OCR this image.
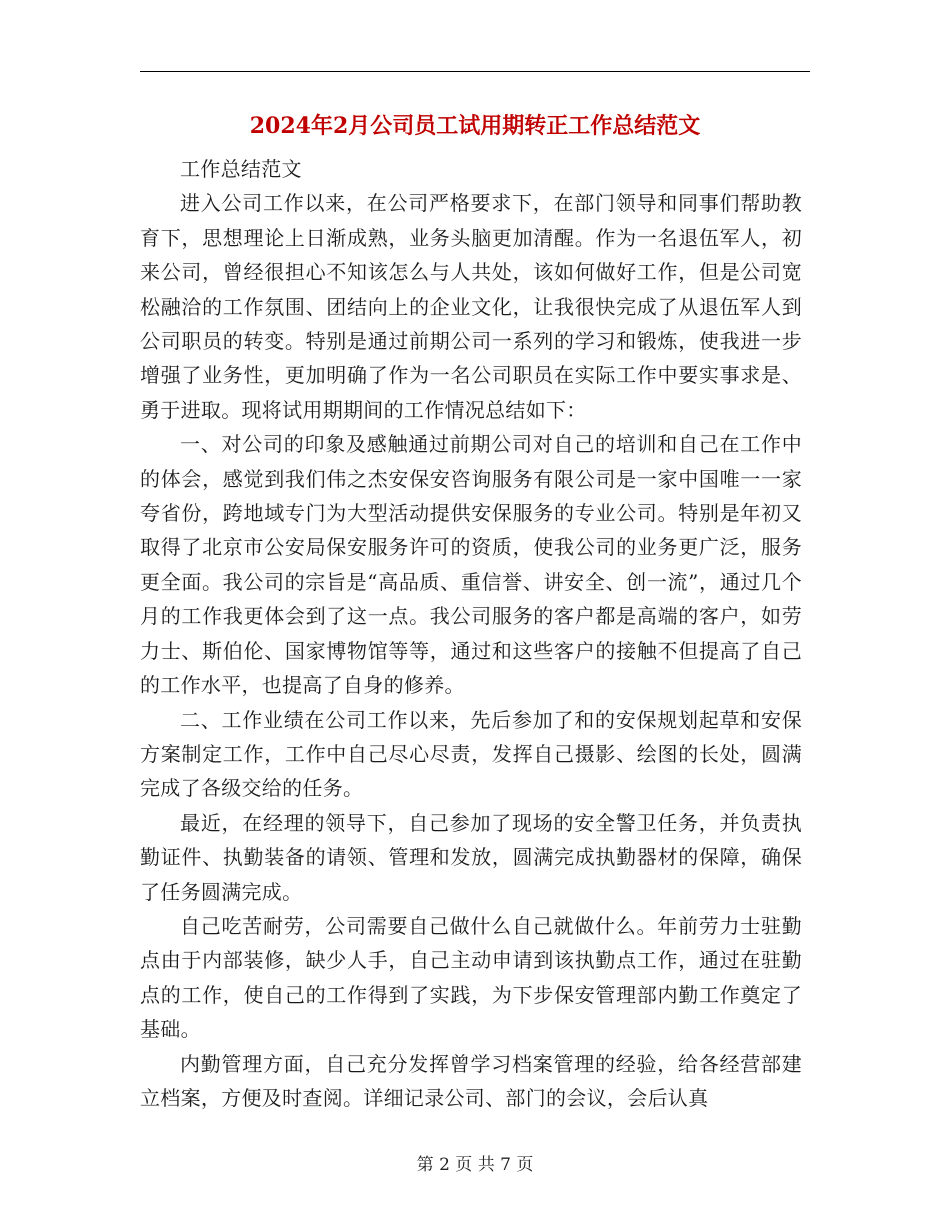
2024年2月公司员工试用期转正工作总结范文

工作总结范文

进入公司工作以来，在公司严格要求下，在部门领导和同事们帮助教育下，思想理论上日渐成熟，业务头脑更加清醒。作为一名退伍军人，初来公司，曾经很担心不知该怎么与人共处，该如何做好工作，但是公司宽松融洽的工作氛围、团结向上的企业文化，让我很快完成了从退伍军人到公司职员的转变。特别是通过前期公司一系列的学习和锻炼，使我进一步增强了业务性，更加明确了作为一名公司职员在实际工作中要实事求是、勇于进取。现将试用期期间的工作情况总结如下：

一、对公司的印象及感触通过前期公司对自己的培训和自己在工作中的体会，感觉到我们伟之杰安保安咨询服务有限公司是一家中国唯一一家夸省份，跨地域专门为大型活动提供安保服务的专业公司。特别是年初又取得了北京市公安局保安服务许可的资质，使我公司的业务更广泛，服务更全面。我公司的宗旨是“高品质、重信誉、讲安全、创一流”，通过几个月的工作我更体会到了这一点。我公司服务的客户都是高端的客户，如劳力士、斯伯伦、国家博物馆等等，通过和这些客户的接触不但提高了自己的工作水平，也提高了自身的修养。

二、工作业绩在公司工作以来，先后参加了和的安保规划起草和安保方案制定工作，工作中自己尽心尽责，发挥自己摄影、绘图的长处，圆满完成了各级交给的任务。

最近，在经理的领导下，自己参加了现场的安全警卫任务，并负责执勤证件、执勤装备的请领、管理和发放，圆满完成执勤器材的保障，确保了任务圆满完成。

自己吃苦耐劳，公司需要自己做什么自己就做什么。年前劳力士驻勤点由于内部装修，缺少人手，自己主动申请到该执勤点工作，通过在驻勤点的工作，使自己的工作得到了实践，为下步保安管理部内勤工作奠定了基础。

内勤管理方面，自己充分发挥曾学习档案管理的经验，给各经营部建立档案，方便及时查阅。详细记录公司、部门的会议，会后认真

第 2 页 共 7 页
